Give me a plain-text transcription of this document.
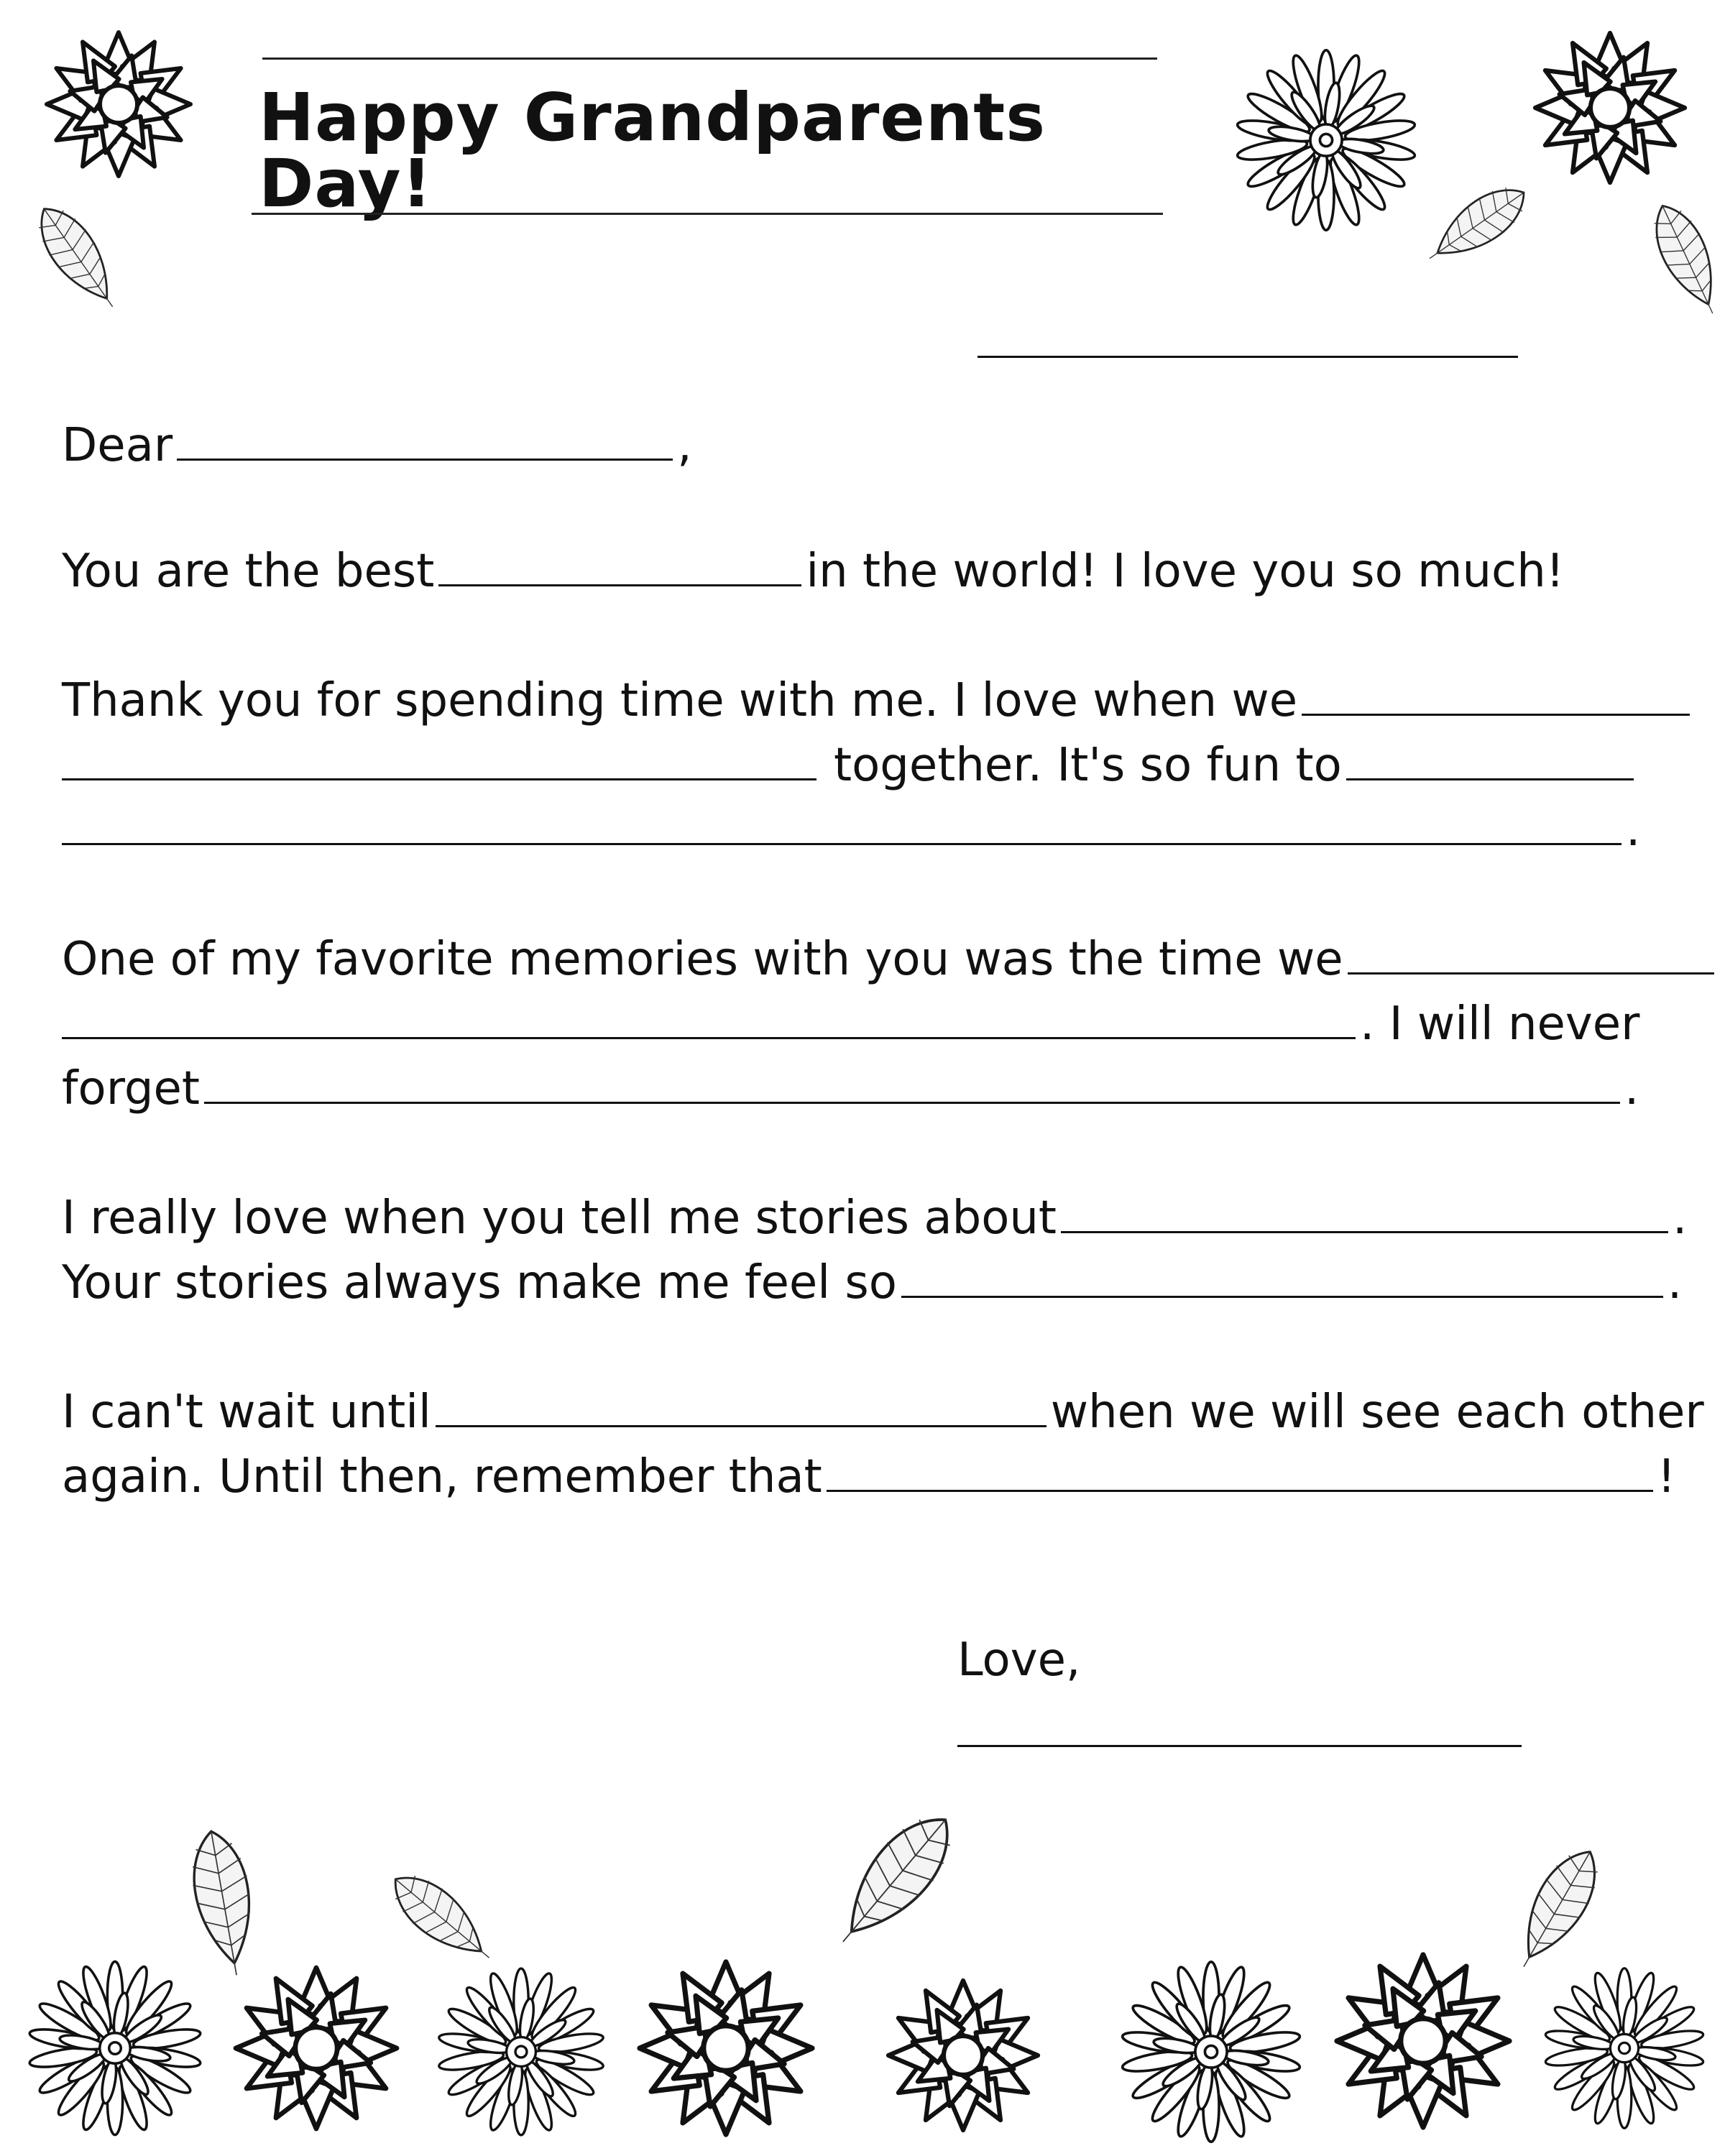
Happy Grandparents Day!
Dear	,
You are the best	in the world! I love you so much!
Thank you for spending time with me. I love when we
together. It's so fun to
.
One of my favorite memories with you was the time we
. I will never
forget	.
I really love when you tell me stories about	.
Your stories always make me feel so	.
I can't wait until	when we will see each other
again. Until then, remember that	!
Love,
